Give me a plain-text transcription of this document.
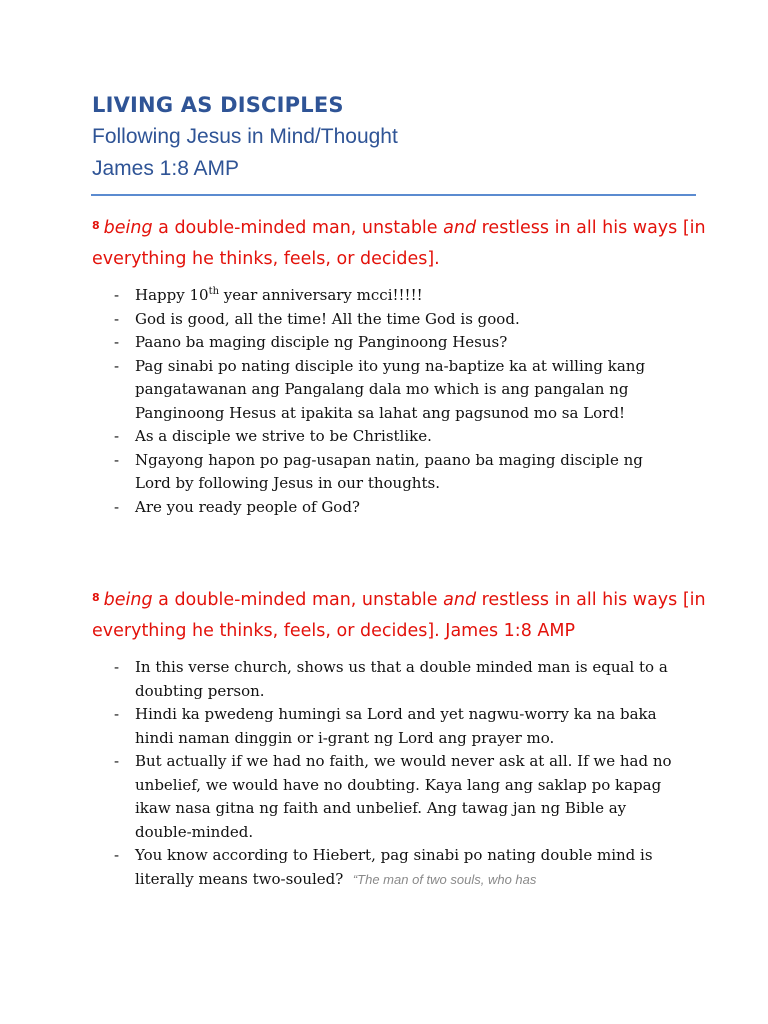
LIVING AS DISCIPLES

Following Jesus in Mind/Thought

James 1:8 AMP

$^8$ being a double-minded man, unstable and restless in all his ways [in everything he thinks, feels, or decides].

- Happy 10th year anniversary mcci!!!!!
- God is good, all the time! All the time God is good.
- Paano ba maging disciple ng Panginoong Hesus?
- Pag sinabi po nating disciple ito yung na-baptize ka at willing kang pangatawanan ang Pangalang dala mo which is ang pangalan ng Panginoong Hesus at ipakita sa lahat ang pagsunod mo sa Lord!
- As a disciple we strive to be Christlike.
- Ngayong hapon po pag-usapan natin, paano ba maging disciple ng Lord by following Jesus in our thoughts.
- Are you ready people of God?

$^8$ being a double-minded man, unstable and restless in all his ways [in everything he thinks, feels, or decides]. James 1:8 AMP

- In this verse church, shows us that a double minded man is equal to a doubting person.
- Hindi ka pwedeng humingi sa Lord and yet nagwu-worry ka na baka hindi naman dinggin or i-grant ng Lord ang prayer mo.
- But actually if we had no faith, we would never ask at all. If we had no unbelief, we would have no doubting. Kaya lang ang saklap po kapag ikaw nasa gitna ng faith and unbelief. Ang tawag jan ng Bible ay double-minded.
- You know according to Hiebert, pag sinabi po nating double mind is literally means two-souled? “The man of two souls, who has
